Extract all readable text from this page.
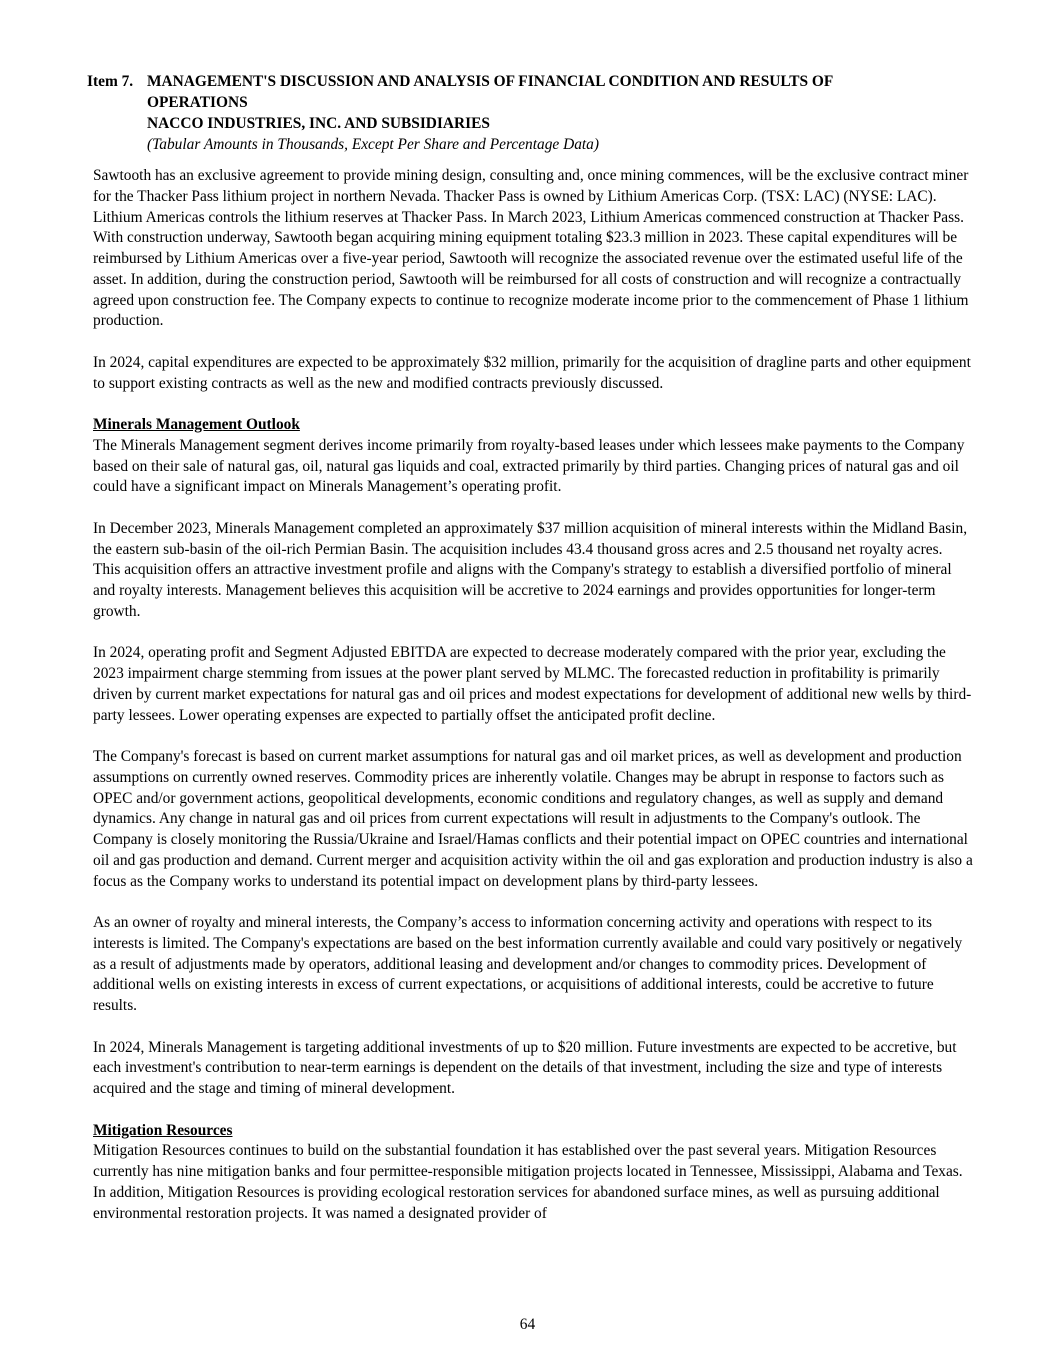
Item 7. MANAGEMENT'S DISCUSSION AND ANALYSIS OF FINANCIAL CONDITION AND RESULTS OF
OPERATIONS
NACCO INDUSTRIES, INC. AND SUBSIDIARIES
(Tabular Amounts in Thousands, Except Per Share and Percentage Data)

Sawtooth has an exclusive agreement to provide mining design, consulting and, once mining commences, will be the exclusive contract miner for the Thacker Pass lithium project in northern Nevada. Thacker Pass is owned by Lithium Americas Corp. (TSX: LAC) (NYSE: LAC). Lithium Americas controls the lithium reserves at Thacker Pass. In March 2023, Lithium Americas commenced construction at Thacker Pass. With construction underway, Sawtooth began acquiring mining equipment totaling $23.3 million in 2023. These capital expenditures will be reimbursed by Lithium Americas over a five-year period, Sawtooth will recognize the associated revenue over the estimated useful life of the asset. In addition, during the construction period, Sawtooth will be reimbursed for all costs of construction and will recognize a contractually agreed upon construction fee. The Company expects to continue to recognize moderate income prior to the commencement of Phase 1 lithium production.

In 2024, capital expenditures are expected to be approximately $32 million, primarily for the acquisition of dragline parts and other equipment to support existing contracts as well as the new and modified contracts previously discussed.

Minerals Management Outlook

The Minerals Management segment derives income primarily from royalty-based leases under which lessees make payments to the Company based on their sale of natural gas, oil, natural gas liquids and coal, extracted primarily by third parties. Changing prices of natural gas and oil could have a significant impact on Minerals Management’s operating profit.

In December 2023, Minerals Management completed an approximately $37 million acquisition of mineral interests within the Midland Basin, the eastern sub-basin of the oil-rich Permian Basin. The acquisition includes 43.4 thousand gross acres and 2.5 thousand net royalty acres. This acquisition offers an attractive investment profile and aligns with the Company's strategy to establish a diversified portfolio of mineral and royalty interests. Management believes this acquisition will be accretive to 2024 earnings and provides opportunities for longer-term growth.

In 2024, operating profit and Segment Adjusted EBITDA are expected to decrease moderately compared with the prior year, excluding the 2023 impairment charge stemming from issues at the power plant served by MLMC. The forecasted reduction in profitability is primarily driven by current market expectations for natural gas and oil prices and modest expectations for development of additional new wells by third-party lessees. Lower operating expenses are expected to partially offset the anticipated profit decline.

The Company's forecast is based on current market assumptions for natural gas and oil market prices, as well as development and production assumptions on currently owned reserves. Commodity prices are inherently volatile. Changes may be abrupt in response to factors such as OPEC and/or government actions, geopolitical developments, economic conditions and regulatory changes, as well as supply and demand dynamics. Any change in natural gas and oil prices from current expectations will result in adjustments to the Company's outlook. The Company is closely monitoring the Russia/Ukraine and Israel/Hamas conflicts and their potential impact on OPEC countries and international oil and gas production and demand. Current merger and acquisition activity within the oil and gas exploration and production industry is also a focus as the Company works to understand its potential impact on development plans by third-party lessees.

As an owner of royalty and mineral interests, the Company’s access to information concerning activity and operations with respect to its interests is limited. The Company's expectations are based on the best information currently available and could vary positively or negatively as a result of adjustments made by operators, additional leasing and development and/or changes to commodity prices. Development of additional wells on existing interests in excess of current expectations, or acquisitions of additional interests, could be accretive to future results.

In 2024, Minerals Management is targeting additional investments of up to $20 million. Future investments are expected to be accretive, but each investment's contribution to near-term earnings is dependent on the details of that investment, including the size and type of interests acquired and the stage and timing of mineral development.

Mitigation Resources

Mitigation Resources continues to build on the substantial foundation it has established over the past several years. Mitigation Resources currently has nine mitigation banks and four permittee-responsible mitigation projects located in Tennessee, Mississippi, Alabama and Texas. In addition, Mitigation Resources is providing ecological restoration services for abandoned surface mines, as well as pursuing additional environmental restoration projects. It was named a designated provider of

64
